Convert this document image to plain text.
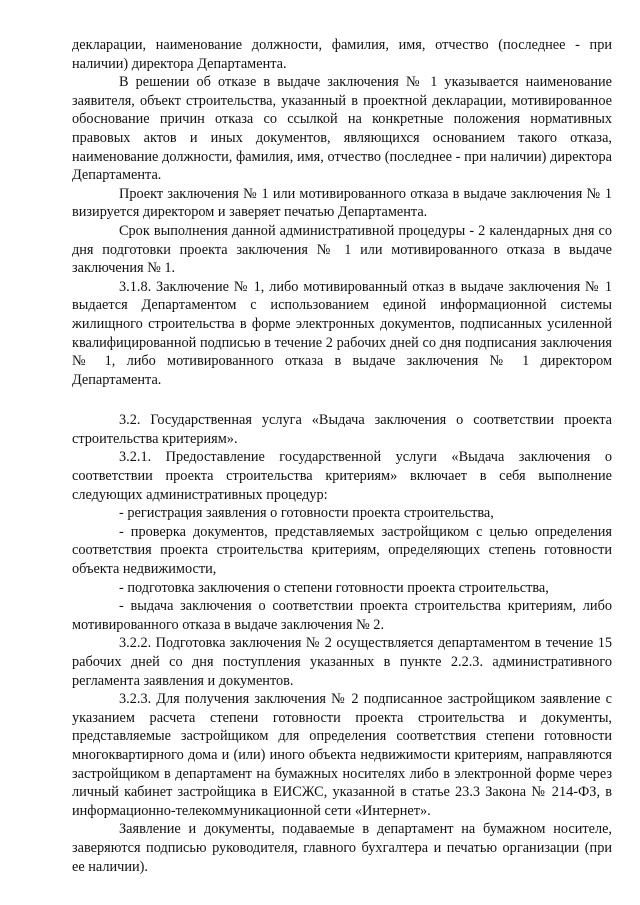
декларации, наименование должности, фамилия, имя, отчество (последнее - при наличии) директора Департамента.

В решении об отказе в выдаче заключения № 1 указывается наименование заявителя, объект строительства, указанный в проектной декларации, мотивированное обоснование причин отказа со ссылкой на конкретные положения нормативных правовых актов и иных документов, являющихся основанием такого отказа, наименование должности, фамилия, имя, отчество (последнее - при наличии) директора Департамента.

Проект заключения № 1 или мотивированного отказа в выдаче заключения № 1 визируется директором и заверяет печатью Департамента.

Срок выполнения данной административной процедуры - 2 календарных дня со дня подготовки проекта заключения № 1 или мотивированного отказа в выдаче заключения № 1.

3.1.8. Заключение № 1, либо мотивированный отказ в выдаче заключения № 1 выдается Департаментом с использованием единой информационной системы жилищного строительства в форме электронных документов, подписанных усиленной квалифицированной подписью в течение 2 рабочих дней со дня подписания заключения № 1, либо мотивированного отказа в выдаче заключения № 1 директором Департамента.

3.2. Государственная услуга «Выдача заключения о соответствии проекта строительства критериям».

3.2.1. Предоставление государственной услуги «Выдача заключения о соответствии проекта строительства критериям» включает в себя выполнение следующих административных процедур:

- регистрация заявления о готовности проекта строительства,

- проверка документов, представляемых застройщиком с целью определения соответствия проекта строительства критериям, определяющих степень готовности объекта недвижимости,

- подготовка заключения о степени готовности проекта строительства,

- выдача заключения о соответствии проекта строительства критериям, либо мотивированного отказа в выдаче заключения № 2.

3.2.2. Подготовка заключения № 2 осуществляется департаментом в течение 15 рабочих дней со дня поступления указанных в пункте 2.2.3. административного регламента заявления и документов.

3.2.3. Для получения заключения № 2 подписанное застройщиком заявление с указанием расчета степени готовности проекта строительства и документы, представляемые застройщиком для определения соответствия степени готовности многоквартирного дома и (или) иного объекта недвижимости критериям, направляются застройщиком в департамент на бумажных носителях либо в электронной форме через личный кабинет застройщика в ЕИСЖС, указанной в статье 23.3 Закона № 214-ФЗ, в информационно-телекоммуникационной сети «Интернет».

Заявление и документы, подаваемые в департамент на бумажном носителе, заверяются подписью руководителя, главного бухгалтера и печатью организации (при ее наличии).
